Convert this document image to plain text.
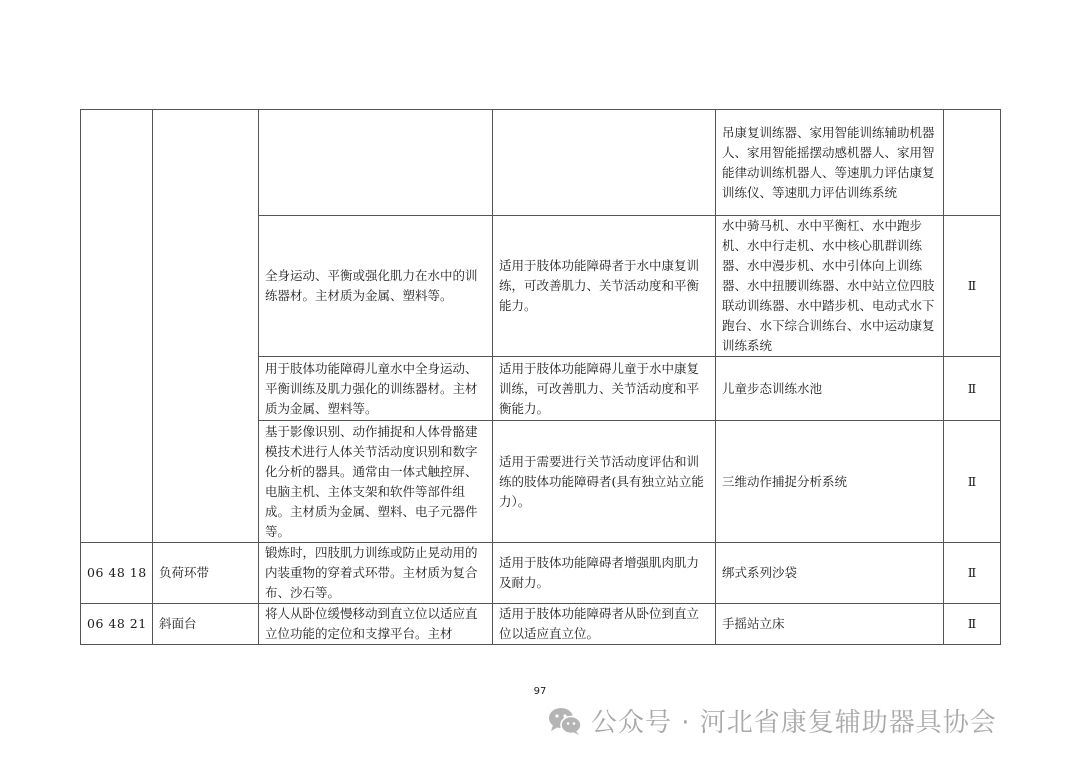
				吊康复训练器、家用智能训练辅助机器人、家用智能摇摆动感机器人、家用智能律动训练机器人、等速肌力评估康复训练仪、等速肌力评估训练系统	
		全身运动、平衡或强化肌力在水中的训练器材。主材质为金属、塑料等。	适用于肢体功能障碍者于水中康复训练，可改善肌力、关节活动度和平衡能力。	水中骑马机、水中平衡杠、水中跑步机、水中行走机、水中核心肌群训练器、水中漫步机、水中引体向上训练器、水中扭腰训练器、水中站立位四肢联动训练器、水中踏步机、电动式水下跑台、水下综合训练台、水中运动康复训练系统	Ⅱ
		用于肢体功能障碍儿童水中全身运动、平衡训练及肌力强化的训练器材。主材质为金属、塑料等。	适用于肢体功能障碍儿童于水中康复训练，可改善肌力、关节活动度和平衡能力。	儿童步态训练水池	Ⅱ
		基于影像识别、动作捕捉和人体骨骼建模技术进行人体关节活动度识别和数字化分析的器具。通常由一体式触控屏、电脑主机、主体支架和软件等部件组成。主材质为金属、塑料、电子元器件等。	适用于需要进行关节活动度评估和训练的肢体功能障碍者(具有独立站立能力）。	三维动作捕捉分析系统	Ⅱ
06 48 18	负荷环带	锻炼时，四肢肌力训练或防止晃动用的内装重物的穿着式环带。主材质为复合布、沙石等。	适用于肢体功能障碍者增强肌肉肌力及耐力。	绑式系列沙袋	Ⅱ
06 48 21	斜面台	将人从卧位缓慢移动到直立位以适应直立位功能的定位和支撑平台。主材	适用于肢体功能障碍者从卧位到直立位以适应直立位。	手摇站立床	Ⅱ
97
公众号 · 河北省康复辅助器具协会
